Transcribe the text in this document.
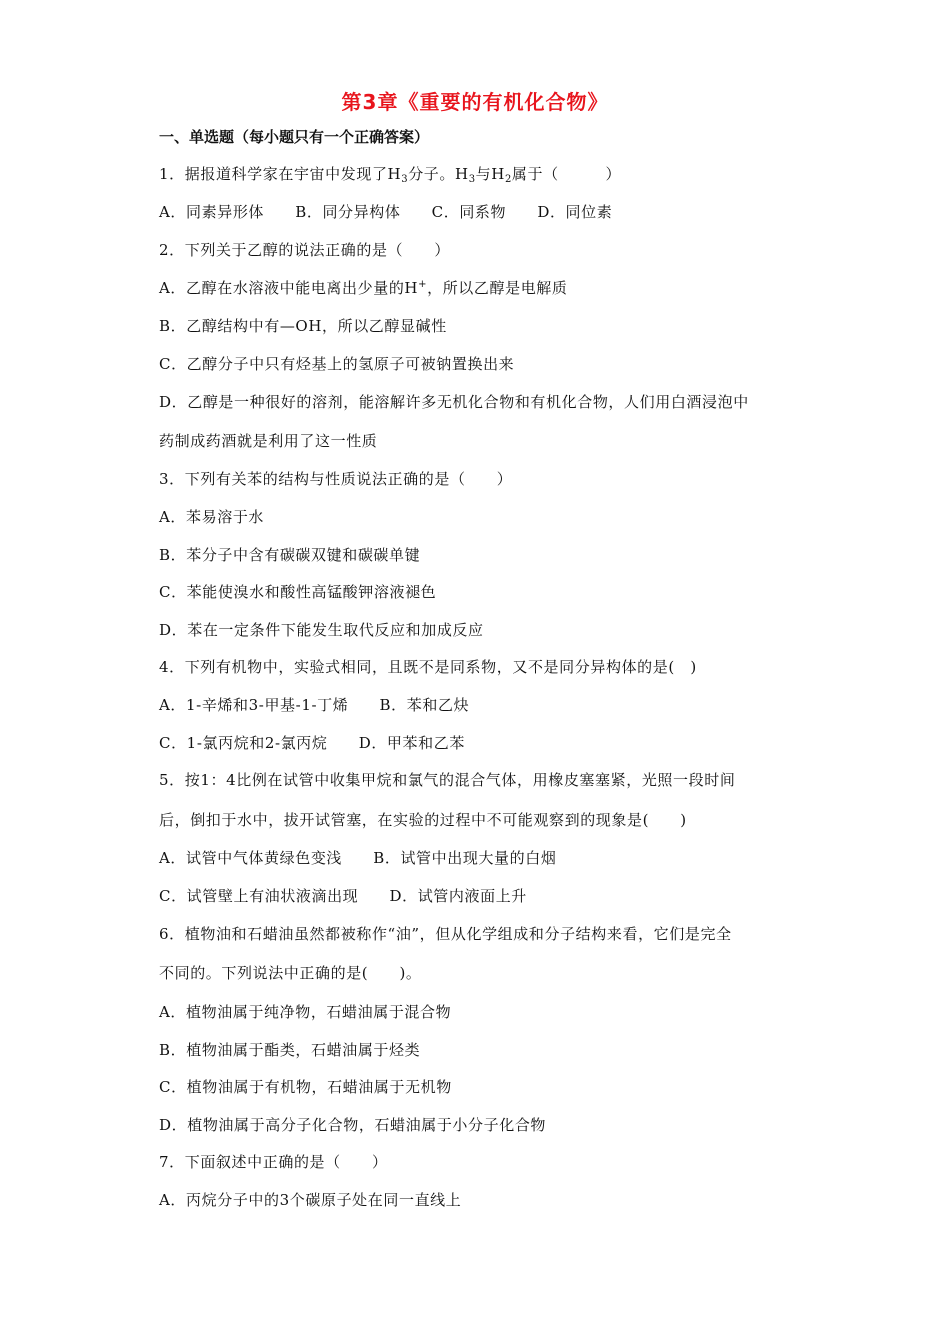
第3章《重要的有机化合物》
一、单选题（每小题只有一个正确答案）
1．据报道科学家在宇宙中发现了$H_3$分子。$H_3$与$H_2$属于（　　　）
A．同素异形体　　B．同分异构体　　C．同系物　　D．同位素
2．下列关于乙醇的说法正确的是（　　）
A．乙醇在水溶液中能电离出少量的H+，所以乙醇是电解质
B．乙醇结构中有—OH，所以乙醇显碱性
C．乙醇分子中只有烃基上的氢原子可被钠置换出来
D．乙醇是一种很好的溶剂，能溶解许多无机化合物和有机化合物，人们用白酒浸泡中
药制成药酒就是利用了这一性质
3．下列有关苯的结构与性质说法正确的是（　　）
A．苯易溶于水
B．苯分子中含有碳碳双键和碳碳单键
C．苯能使溴水和酸性高锰酸钾溶液褪色
D．苯在一定条件下能发生取代反应和加成反应
4．下列有机物中，实验式相同，且既不是同系物，又不是同分异构体的是(　)
A．1-辛烯和3-甲基-1-丁烯　　B．苯和乙炔
C．1-氯丙烷和2-氯丙烷　　D．甲苯和乙苯
5．按1：4比例在试管中收集甲烷和氯气的混合气体，用橡皮塞塞紧，光照一段时间
后，倒扣于水中，拔开试管塞，在实验的过程中不可能观察到的现象是(　　)
A．试管中气体黄绿色变浅　　B．试管中出现大量的白烟
C．试管壁上有油状液滴出现　　D．试管内液面上升
6．植物油和石蜡油虽然都被称作“油”，但从化学组成和分子结构来看，它们是完全
不同的。下列说法中正确的是(　　)。
A．植物油属于纯净物，石蜡油属于混合物
B．植物油属于酯类，石蜡油属于烃类
C．植物油属于有机物，石蜡油属于无机物
D．植物油属于高分子化合物，石蜡油属于小分子化合物
7．下面叙述中正确的是（　　）
A．丙烷分子中的3个碳原子处在同一直线上
